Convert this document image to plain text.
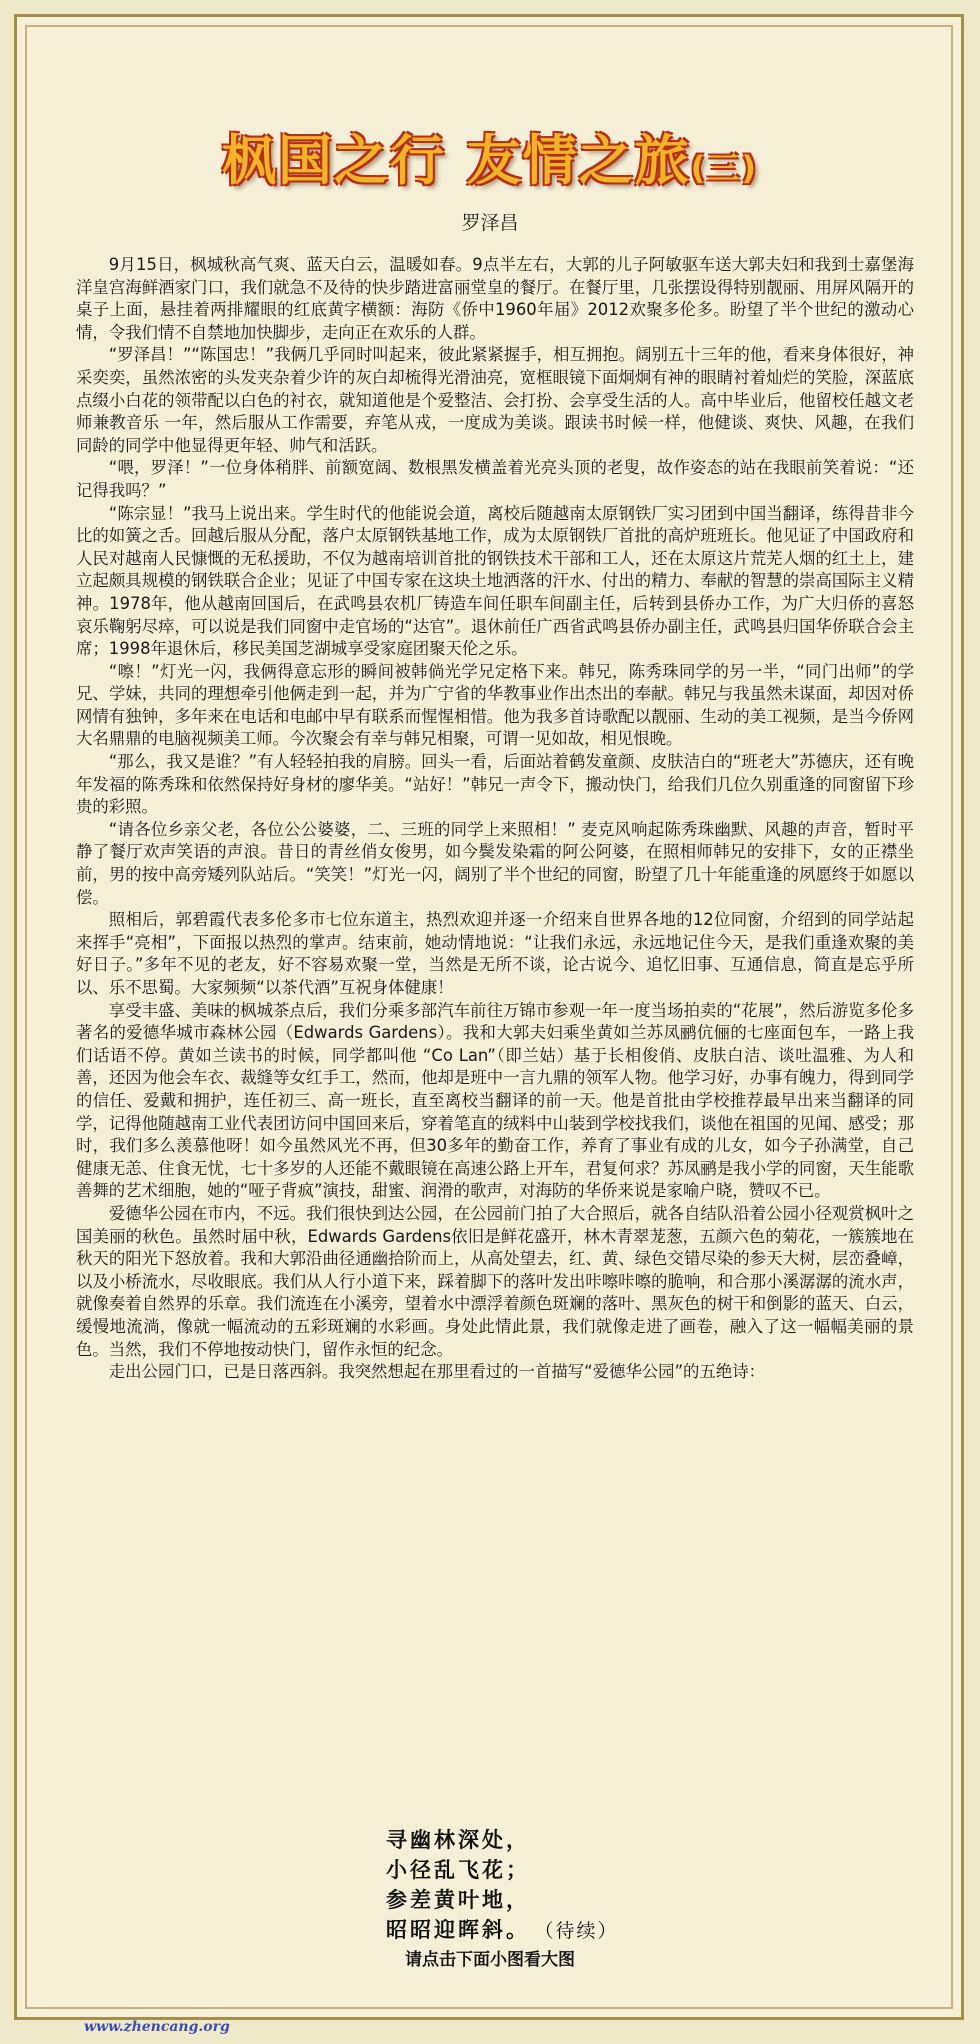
枫国之行 友情之旅(三)
罗泽昌

9月15日，枫城秋高气爽、蓝天白云，温暖如春。9点半左右，大郭的儿子阿敏驱车送大郭夫妇和我到士嘉堡海洋皇宫海鲜酒家门口，我们就急不及待的快步踏进富丽堂皇的餐厅。在餐厅里，几张摆设得特别靓丽、用屏风隔开的桌子上面，悬挂着两排耀眼的红底黄字横额：海防《侨中1960年届》2012欢聚多伦多。盼望了半个世纪的激动心情，令我们情不自禁地加快脚步，走向正在欢乐的人群。

“罗泽昌！”“陈国忠！”我俩几乎同时叫起来，彼此紧紧握手，相互拥抱。阔别五十三年的他，看来身体很好，神采奕奕，虽然浓密的头发夹杂着少许的灰白却梳得光滑油亮，宽框眼镜下面炯炯有神的眼睛衬着灿烂的笑脸，深蓝底点缀小白花的领带配以白色的衬衣，就知道他是个爱整洁、会打扮、会享受生活的人。高中毕业后，他留校任越文老师兼教音乐 一年，然后服从工作需要，弃笔从戎，一度成为美谈。跟读书时候一样，他健谈、爽快、风趣，在我们同龄的同学中他显得更年轻、帅气和活跃。

“喂，罗泽！”一位身体稍胖、前额宽阔、数根黑发横盖着光亮头顶的老叟，故作姿态的站在我眼前笑着说：“还记得我吗？”

“陈宗显！”我马上说出来。学生时代的他能说会道，离校后随越南太原钢铁厂实习团到中国当翻译，练得昔非今比的如簧之舌。回越后服从分配，落户太原钢铁基地工作，成为太原钢铁厂首批的高炉班班长。他见证了中国政府和人民对越南人民慷慨的无私援助，不仅为越南培训首批的钢铁技术干部和工人，还在太原这片荒芜人烟的红土上，建立起颇具规模的钢铁联合企业；见证了中国专家在这块土地洒落的汗水、付出的精力、奉献的智慧的崇高国际主义精神。1978年，他从越南回国后，在武鸣县农机厂铸造车间任职车间副主任，后转到县侨办工作，为广大归侨的喜怒哀乐鞠躬尽瘁，可以说是我们同窗中走官场的“达官”。退休前任广西省武鸣县侨办副主任，武鸣县归国华侨联合会主席；1998年退休后，移民美国芝湖城享受家庭团聚天伦之乐。

“嚓！”灯光一闪，我俩得意忘形的瞬间被韩倘光学兄定格下来。韩兄，陈秀珠同学的另一半，“同门出师”的学兄、学妹，共同的理想牵引他俩走到一起，并为广宁省的华教事业作出杰出的奉献。韩兄与我虽然未谋面，却因对侨网情有独钟，多年来在电话和电邮中早有联系而惺惺相惜。他为我多首诗歌配以靓丽、生动的美工视频，是当今侨网大名鼎鼎的电脑视频美工师。今次聚会有幸与韩兄相聚，可谓一见如故，相见恨晚。

“那么，我又是谁？”有人轻轻拍我的肩膀。回头一看，后面站着鹤发童颜、皮肤洁白的“班老大”苏德庆，还有晚年发福的陈秀珠和依然保持好身材的廖华美。“站好！”韩兄一声令下，搬动快门，给我们几位久别重逢的同窗留下珍贵的彩照。

“请各位乡亲父老，各位公公婆婆，二、三班的同学上来照相！” 麦克风响起陈秀珠幽默、风趣的声音，暂时平静了餐厅欢声笑语的声浪。昔日的青丝俏女俊男，如今鬓发染霜的阿公阿婆，在照相师韩兄的安排下，女的正襟坐前，男的按中高旁矮列队站后。“笑笑！”灯光一闪，阔别了半个世纪的同窗，盼望了几十年能重逢的夙愿终于如愿以偿。

照相后，郭碧霞代表多伦多市七位东道主，热烈欢迎并逐一介绍来自世界各地的12位同窗，介绍到的同学站起来挥手“亮相”，下面报以热烈的掌声。结束前，她动情地说：“让我们永远，永远地记住今天，是我们重逢欢聚的美好日子。”多年不见的老友，好不容易欢聚一堂，当然是无所不谈，论古说今、追忆旧事、互通信息，简直是忘乎所以、乐不思蜀。大家频频“以茶代酒”互祝身体健康！

享受丰盛、美味的枫城茶点后，我们分乘多部汽车前往万锦市参观一年一度当场拍卖的“花展”，然后游览多伦多著名的爱德华城市森林公园（Edwards Gardens）。我和大郭夫妇乘坐黄如兰苏凤鹂伉俪的七座面包车，一路上我们话语不停。黄如兰读书的时候，同学都叫他 “Co Lan”（即兰姑）基于长相俊俏、皮肤白洁、谈吐温雅、为人和善，还因为他会车衣、裁缝等女红手工，然而，他却是班中一言九鼎的领军人物。他学习好，办事有魄力，得到同学的信任、爱戴和拥护，连任初三、高一班长，直至离校当翻译的前一天。他是首批由学校推荐最早出来当翻译的同学，记得他随越南工业代表团访问中国回来后，穿着笔直的绒料中山装到学校找我们，谈他在祖国的见闻、感受；那时，我们多么羡慕他呀！如今虽然风光不再，但30多年的勤奋工作，养育了事业有成的儿女，如今子孙满堂，自己健康无恙、住食无忧，七十多岁的人还能不戴眼镜在高速公路上开车，君复何求？苏凤鹂是我小学的同窗，天生能歌善舞的艺术细胞，她的“哑子背疯”演技，甜蜜、润滑的歌声，对海防的华侨来说是家喻户晓，赞叹不已。

爱德华公园在市内，不远。我们很快到达公园，在公园前门拍了大合照后，就各自结队沿着公园小径观赏枫叶之国美丽的秋色。虽然时届中秋，Edwards Gardens依旧是鲜花盛开，林木青翠茏葱，五颜六色的菊花，一簇簇地在秋天的阳光下怒放着。我和大郭沿曲径通幽拾阶而上，从高处望去，红、黄、绿色交错尽染的参天大树，层峦叠嶂，以及小桥流水，尽收眼底。我们从人行小道下来，踩着脚下的落叶发出咔嚓咔嚓的脆响，和合那小溪潺潺的流水声，就像奏着自然界的乐章。我们流连在小溪旁，望着水中漂浮着颜色斑斓的落叶、黑灰色的树干和倒影的蓝天、白云，缓慢地流淌，像就一幅流动的五彩斑斓的水彩画。身处此情此景，我们就像走进了画卷，融入了这一幅幅美丽的景色。当然，我们不停地按动快门，留作永恒的纪念。

走出公园门口，已是日落西斜。我突然想起在那里看过的一首描写“爱德华公园”的五绝诗：

寻幽林深处，
小径乱飞花；
参差黄叶地，
昭昭迎晖斜。 （待续）
请点击下面小图看大图
www.zhencang.org
